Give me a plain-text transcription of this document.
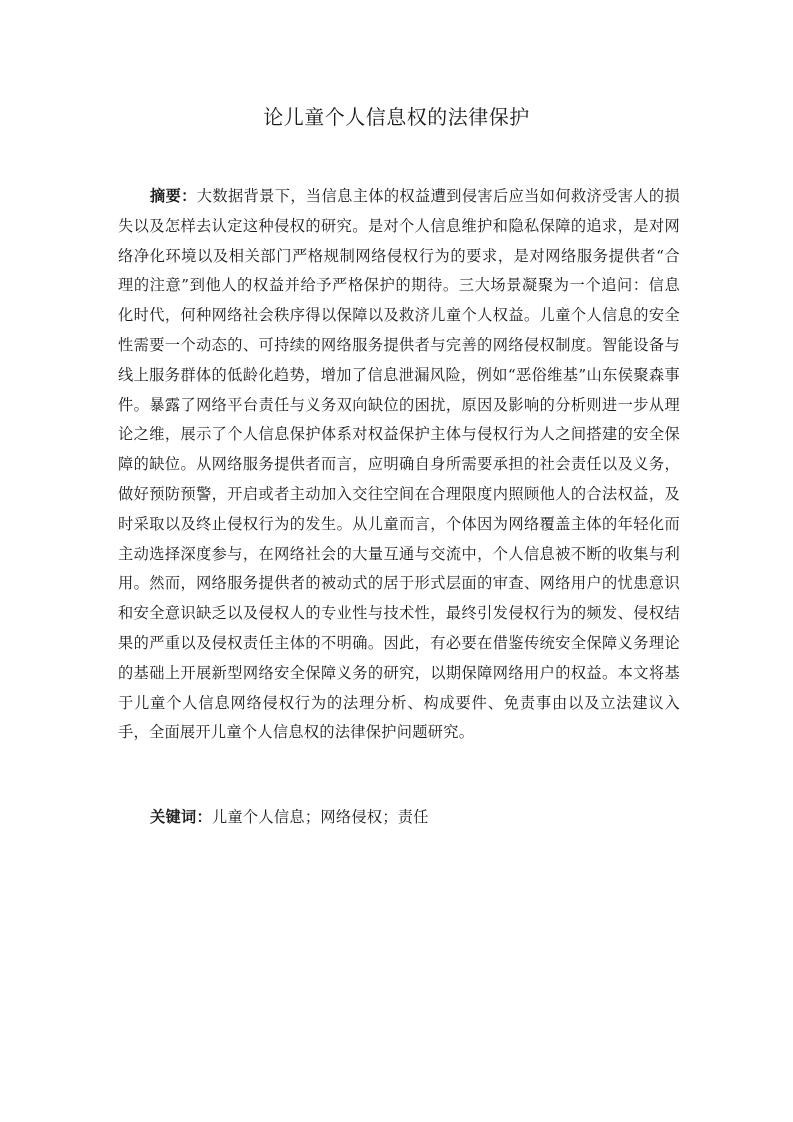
论儿童个人信息权的法律保护

摘要：大数据背景下，当信息主体的权益遭到侵害后应当如何救济受害人的损失以及怎样去认定这种侵权的研究。是对个人信息维护和隐私保障的追求，是对网络净化环境以及相关部门严格规制网络侵权行为的要求，是对网络服务提供者“合理的注意”到他人的权益并给予严格保护的期待。三大场景凝聚为一个追问：信息化时代，何种网络社会秩序得以保障以及救济儿童个人权益。儿童个人信息的安全性需要一个动态的、可持续的网络服务提供者与完善的网络侵权制度。智能设备与线上服务群体的低龄化趋势，增加了信息泄漏风险，例如“恶俗维基”山东侯聚森事件。暴露了网络平台责任与义务双向缺位的困扰，原因及影响的分析则进一步从理论之维，展示了个人信息保护体系对权益保护主体与侵权行为人之间搭建的安全保障的缺位。从网络服务提供者而言，应明确自身所需要承担的社会责任以及义务，做好预防预警，开启或者主动加入交往空间在合理限度内照顾他人的合法权益，及时采取以及终止侵权行为的发生。从儿童而言，个体因为网络覆盖主体的年轻化而主动选择深度参与，在网络社会的大量互通与交流中，个人信息被不断的收集与利用。然而，网络服务提供者的被动式的居于形式层面的审查、网络用户的忧患意识和安全意识缺乏以及侵权人的专业性与技术性，最终引发侵权行为的频发、侵权结果的严重以及侵权责任主体的不明确。因此，有必要在借鉴传统安全保障义务理论的基础上开展新型网络安全保障义务的研究，以期保障网络用户的权益。本文将基于儿童个人信息网络侵权行为的法理分析、构成要件、免责事由以及立法建议入手，全面展开儿童个人信息权的法律保护问题研究。

关键词：儿童个人信息；网络侵权；责任
